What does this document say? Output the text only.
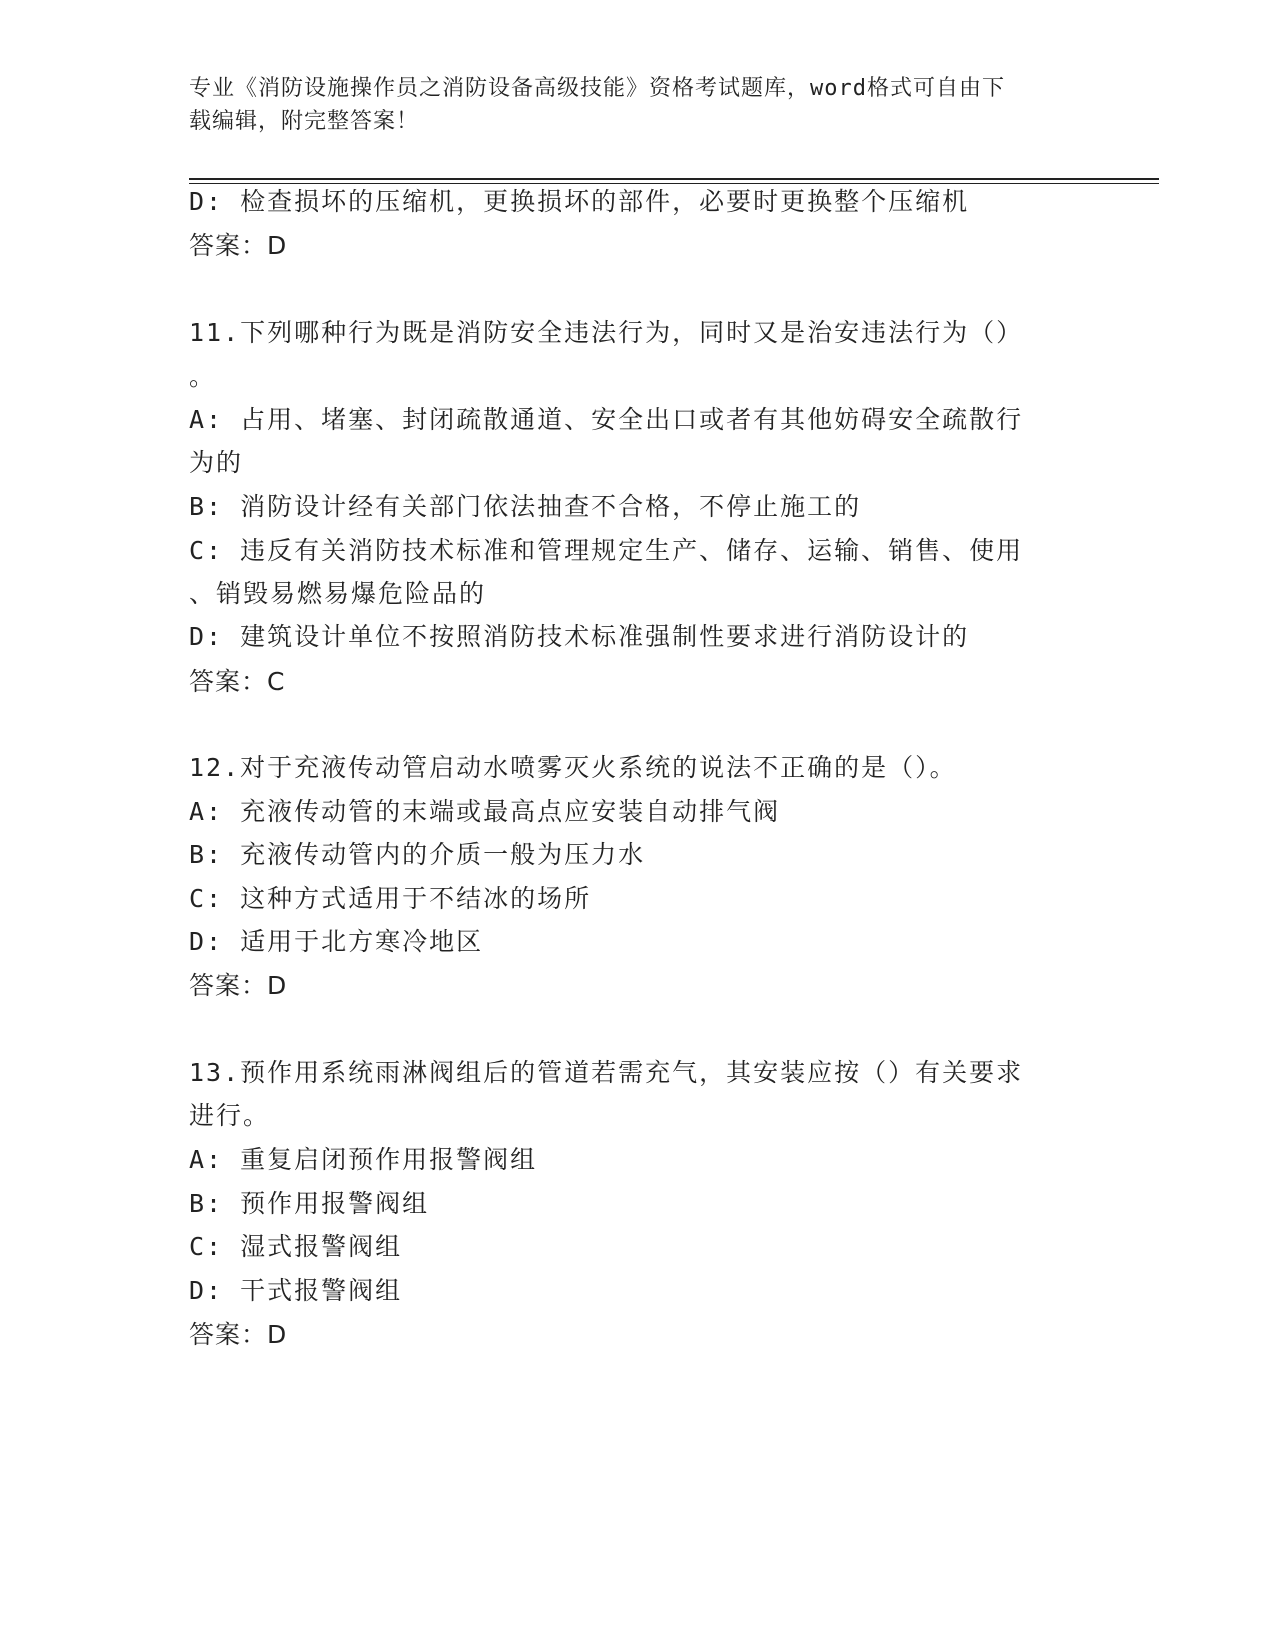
专业《消防设施操作员之消防设备高级技能》资格考试题库，word格式可自由下
载编辑，附完整答案！
D: 检查损坏的压缩机，更换损坏的部件，必要时更换整个压缩机
答案：D
11.下列哪种行为既是消防安全违法行为，同时又是治安违法行为（）
。
A: 占用、堵塞、封闭疏散通道、安全出口或者有其他妨碍安全疏散行
为的
B: 消防设计经有关部门依法抽查不合格，不停止施工的
C: 违反有关消防技术标准和管理规定生产、储存、运输、销售、使用
、销毁易燃易爆危险品的
D: 建筑设计单位不按照消防技术标准强制性要求进行消防设计的
答案：C
12.对于充液传动管启动水喷雾灭火系统的说法不正确的是（）。
A: 充液传动管的末端或最高点应安装自动排气阀
B: 充液传动管内的介质一般为压力水
C: 这种方式适用于不结冰的场所
D: 适用于北方寒冷地区
答案：D
13.预作用系统雨淋阀组后的管道若需充气，其安装应按（）有关要求
进行。
A: 重复启闭预作用报警阀组
B: 预作用报警阀组
C: 湿式报警阀组
D: 干式报警阀组
答案：D
